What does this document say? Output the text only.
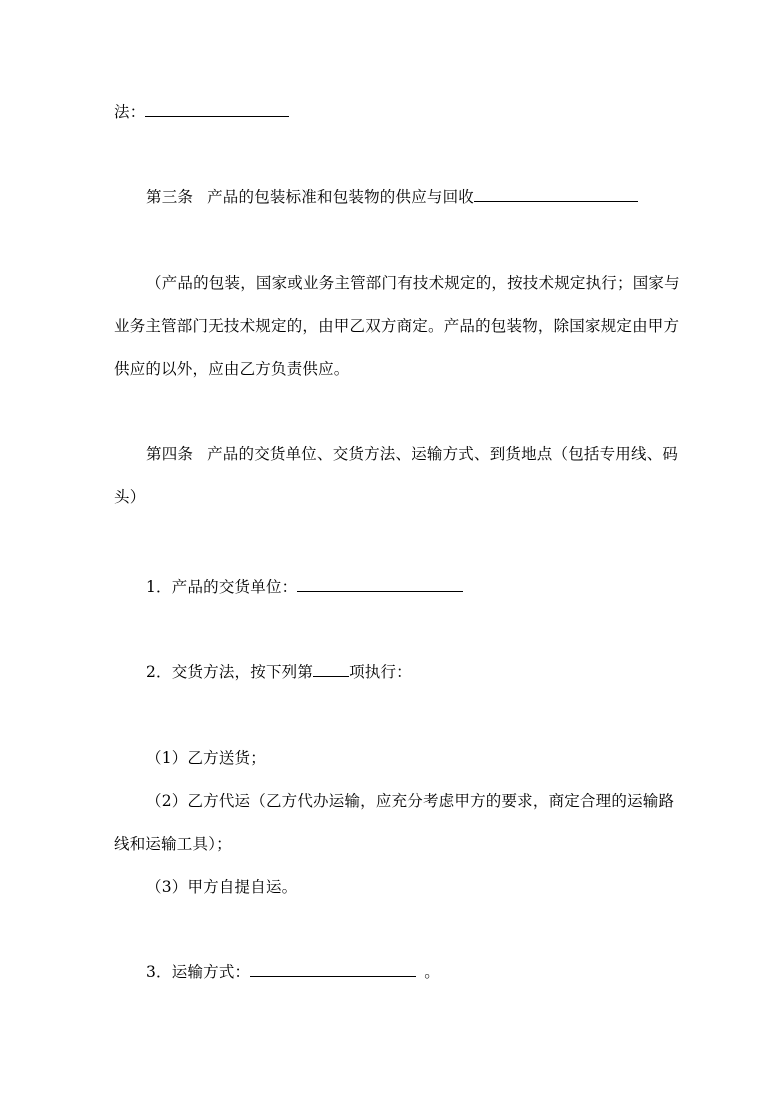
法：
第三条 产品的包装标准和包装物的供应与回收
（产品的包装，国家或业务主管部门有技术规定的，按技术规定执行；国家与
业务主管部门无技术规定的，由甲乙双方商定。产品的包装物，除国家规定由甲方
供应的以外，应由乙方负责供应。
第四条 产品的交货单位、交货方法、运输方式、到货地点（包括专用线、码
头）
1．产品的交货单位：
2．交货方法，按下列第 项执行：
（1）乙方送货；
（2）乙方代运（乙方代办运输，应充分考虑甲方的要求，商定合理的运输路
线和运输工具）；
（3）甲方自提自运。
3．运输方式：	。
